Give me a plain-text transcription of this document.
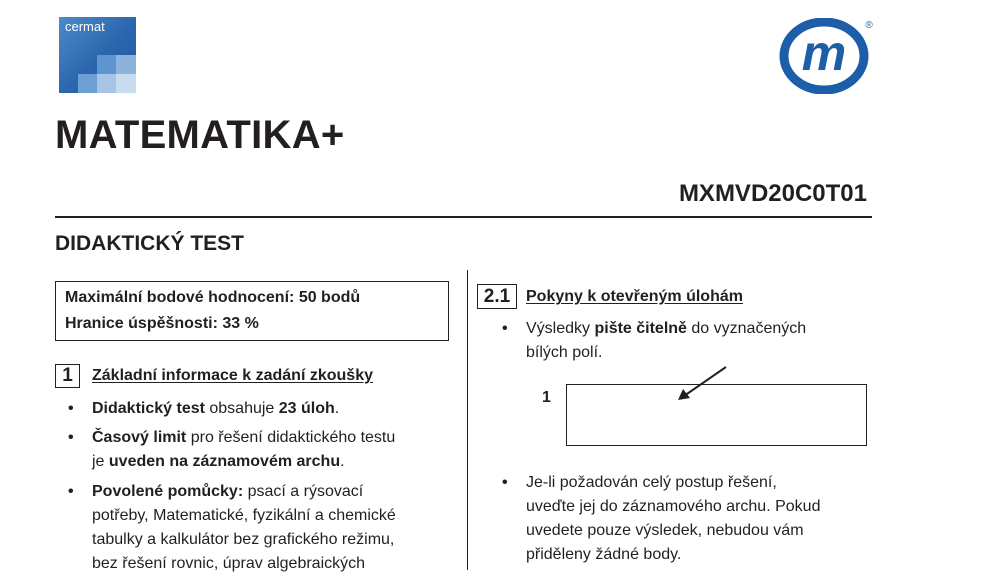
cermat	m ®
MATEMATIKA+
MXMVD20C0T01
DIDAKTICKÝ TEST
Maximální bodové hodnocení: 50 bodů
Hranice úspěšnosti: 33 %
1	Základní informace k zadání zkoušky
• Didaktický test obsahuje 23 úloh.
• Časový limit pro řešení didaktického testu
je uveden na záznamovém archu.
• Povolené pomůcky: psací a rýsovací
potřeby, Matematické, fyzikální a chemické
tabulky a kalkulátor bez grafického režimu,
bez řešení rovnic, úprav algebraických
2.1 Pokyny k otevřeným úlohám
• Výsledky pište čitelně do vyznačených
bílých polí.
• Je-li požadován celý postup řešení,
uveďte jej do záznamového archu. Pokud
uvedete pouze výsledek, nebudou vám
přiděleny žádné body.
1
